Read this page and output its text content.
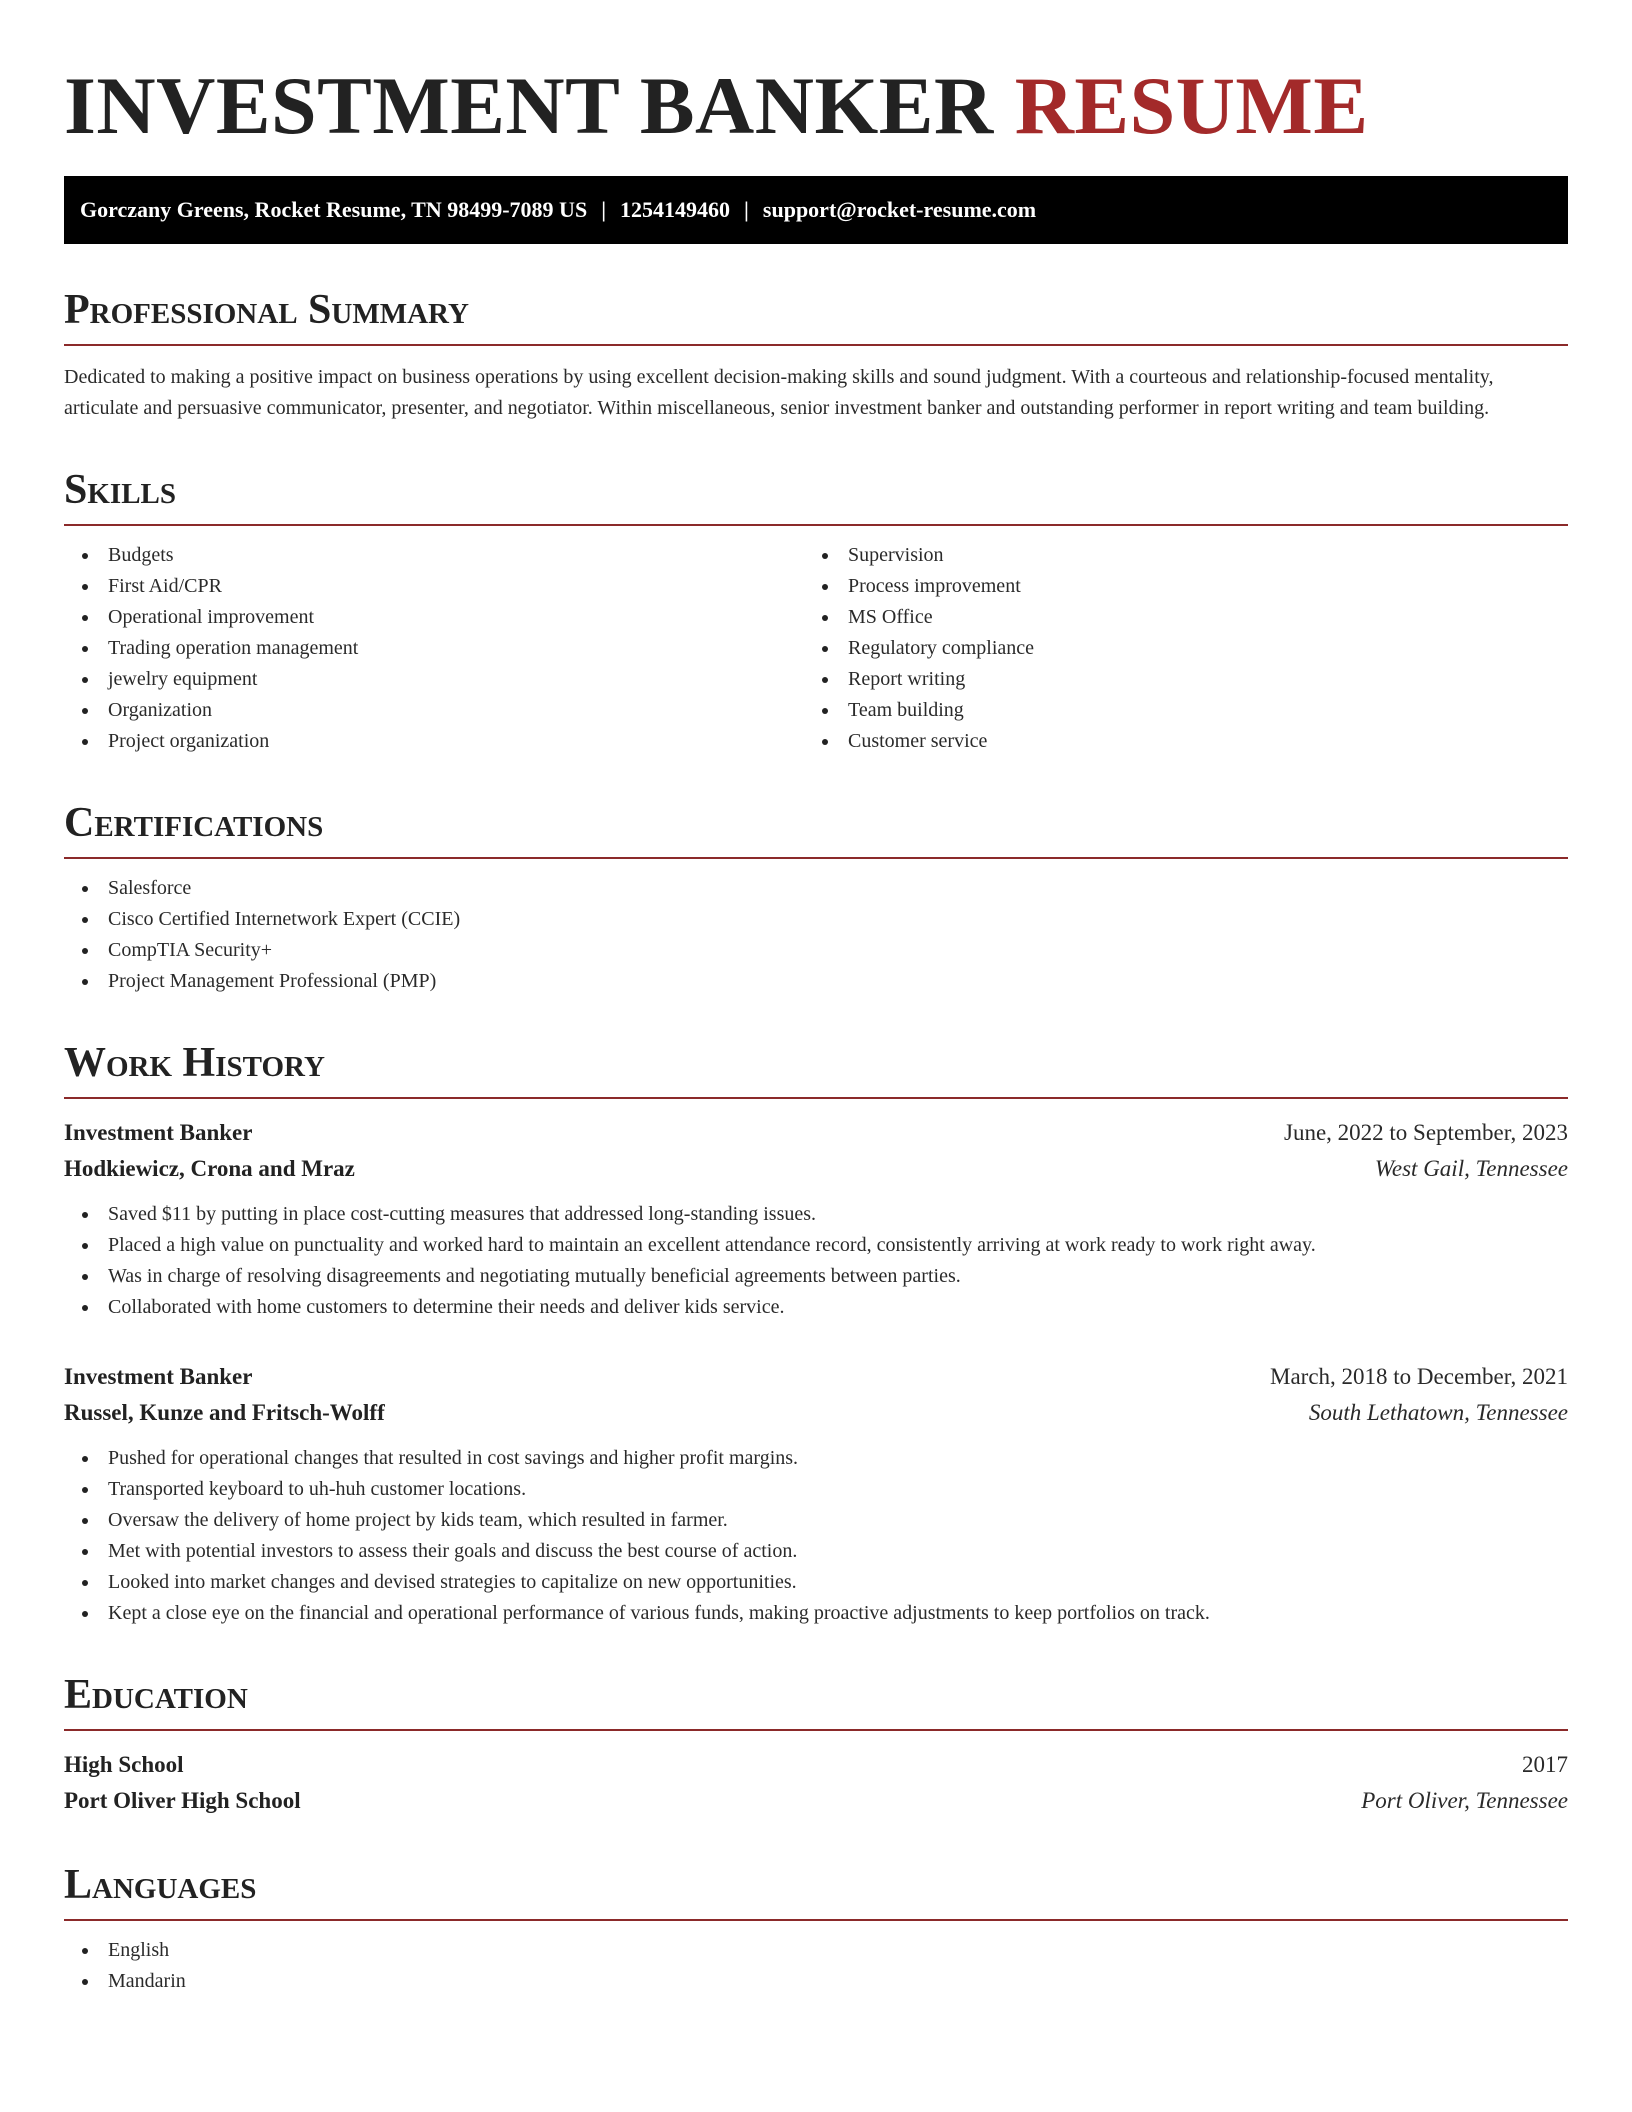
INVESTMENT BANKER RESUME
Gorczany Greens, Rocket Resume, TN 98499-7089 US | 1254149460 | support@rocket-resume.com
Professional Summary

Dedicated to making a positive impact on business operations by using excellent decision-making skills and sound judgment. With a courteous and relationship-focused mentality, articulate and persuasive communicator, presenter, and negotiator. Within miscellaneous, senior investment banker and outstanding performer in report writing and team building.

Skills
Budgets
First Aid/CPR
Operational improvement
Trading operation management
jewelry equipment
Organization
Project organization
Supervision
Process improvement
MS Office
Regulatory compliance
Report writing
Team building
Customer service
Certifications
Salesforce
Cisco Certified Internetwork Expert (CCIE)
CompTIA Security+
Project Management Professional (PMP)
Work History
Investment Banker	June, 2022 to September, 2023
Hodkiewicz, Crona and Mraz	West Gail, Tennessee
Saved $11 by putting in place cost-cutting measures that addressed long-standing issues.
Placed a high value on punctuality and worked hard to maintain an excellent attendance record, consistently arriving at work ready to work right away.
Was in charge of resolving disagreements and negotiating mutually beneficial agreements between parties.
Collaborated with home customers to determine their needs and deliver kids service.
Investment Banker	March, 2018 to December, 2021
Russel, Kunze and Fritsch-Wolff	South Lethatown, Tennessee
Pushed for operational changes that resulted in cost savings and higher profit margins.
Transported keyboard to uh-huh customer locations.
Oversaw the delivery of home project by kids team, which resulted in farmer.
Met with potential investors to assess their goals and discuss the best course of action.
Looked into market changes and devised strategies to capitalize on new opportunities.
Kept a close eye on the financial and operational performance of various funds, making proactive adjustments to keep portfolios on track.
Education
High School	2017
Port Oliver High School	Port Oliver, Tennessee
Languages
English
Mandarin
